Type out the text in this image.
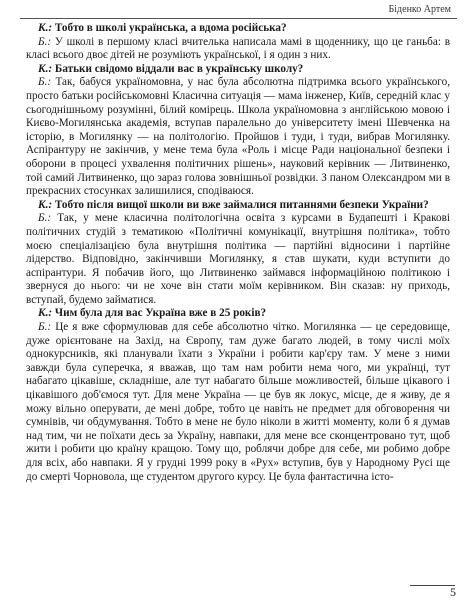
Біденко Артем

К.: Тобто в школі українська, а вдома російська?

Б.: У школі в першому класі вчителька написала мамі в щоденнику, що це ганьба: в класі всього двоє дітей не розуміють української, і я один з них.

К.: Батьки свідомо віддали вас в українську школу?

Б.: Так, бабуся україномовна, у нас була абсолютна підтримка всього українського, просто батьки російськомовні Класична ситуація — мама інженер, Київ, середній клас у сьогоднішньому розумінні, білий комірець. Школа україномовна з англійською мовою і Києво-Могилянська академія, вступав паралельно до університету імені Шевченка на історію, в Могилянку — на політологію. Пройшов і туди, і туди, вибрав Могилянку. Аспірантуру не закінчив, у мене тема була «Роль і місце Ради національної безпеки і оборони в процесі ухвалення політичних рішень», науковий керівник — Литвиненко, той самий Литвиненко, що зараз голова зовнішньої розвідки. З паном Олександром ми в прекрасних стосунках залишилися, сподіваюся.

К.: Тобто після вищої школи ви вже займалися питаннями безпеки України?

Б.: Так, у мене класична політологічна освіта з курсами в Будапешті і Кракові політичних студій з тематикою «Політичні комунікації, внутрішня політика», тобто моєю спеціалізацією була внутрішня політика — партійні відносини і партійне лідерство. Відповідно, закінчивши Могилянку, я став шукати, куди вступити до аспірантури. Я побачив його, що Литвиненко займався інформаційною політикою і звернуся до нього: чи не хоче він стати моїм керівником. Він сказав: ну приходь, вступай, будемо займатися.

К.: Чим була для вас Україна вже в 25 років?

Б.: Це я вже сформулював для себе абсолютно чітко. Могилянка — це середовище, дуже орієнтоване на Захід, на Європу, там дуже багато людей, в тому числі моїх однокурсників, які планували їхати з України і робити кар'єру там. У мене з ними завжди була суперечка, я вважав, що там нам робити нема чого, ми українці, тут набагато цікавіше, складніше, але тут набагато більше можливостей, більше цікавого і цікавішого доб'ємося тут. Для мене Україна — це був як локус, місце, де я живу, де я можу вільно оперувати, де мені добре, тобто це навіть не предмет для обговорення чи сумнівів, чи обдумування. Тобто в мене не було ніколи в житті моменту, коли б я думав над тим, чи не поїхати десь за Україну, навпаки, для мене все сконцентровано тут, щоб жити і робити цю країну кращою. Тому що, роблячи добре для себе, ми робимо добре для всіх, або навпаки. Я у грудні 1999 року в «Рух» вступив, був у Народному Русі ще до смерті Чорновола, ще студентом другого курсу. Це була фантастична істо-

5
